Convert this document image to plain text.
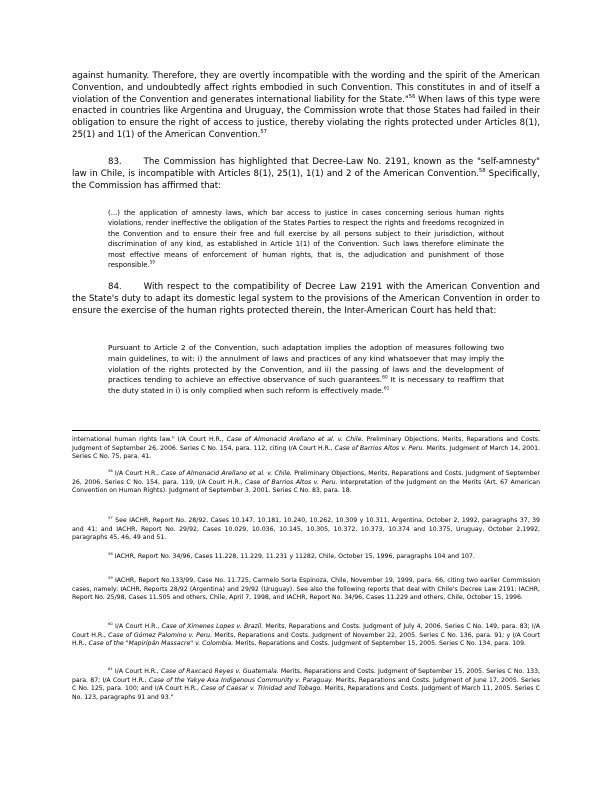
against humanity. Therefore, they are overtly incompatible with the wording and the spirit of the American Convention, and undoubtedly affect rights embodied in such Convention. This constitutes in and of itself a violation of the Convention and generates international liability for the State."$^{56}$ When laws of this type were enacted in countries like Argentina and Uruguay, the Commission wrote that those States had failed in their obligation to ensure the right of access to justice, thereby violating the rights protected under Articles 8(1), 25(1) and 1(1) of the American Convention.$^{57}$

83.	The Commission has highlighted that Decree-Law No. 2191, known as the "self-amnesty" law in Chile, is incompatible with Articles 8(1), 25(1), 1(1) and 2 of the American Convention.$^{58}$ Specifically, the Commission has affirmed that:

(...) the application of amnesty laws, which bar access to justice in cases concerning serious human rights violations, render ineffective the obligation of the States Parties to respect the rights and freedoms recognized in the Convention and to ensure their free and full exercise by all persons subject to their jurisdiction, without discrimination of any kind, as established in Article 1(1) of the Convention. Such laws therefore eliminate the most effective means of enforcement of human rights, that is, the adjudication and punishment of those responsible.$^{59}$

84.	With respect to the compatibility of Decree Law 2191 with the American Convention and the State's duty to adapt its domestic legal system to the provisions of the American Convention in order to ensure the exercise of the human rights protected therein, the Inter-American Court has held that:

Pursuant to Article 2 of the Convention, such adaptation implies the adoption of measures following two main guidelines, to wit: i) the annulment of laws and practices of any kind whatsoever that may imply the violation of the rights protected by the Convention, and ii) the passing of laws and the development of practices tending to achieve an effective observance of such guarantees.$^{60}$ It is necessary to reaffirm that the duty stated in i) is only complied when such reform is effectively made.$^{61}$

international human rights law." I/A Court H.R., Case of Almonacid Arellano et al. v. Chile. Preliminary Objections, Merits, Reparations and Costs. Judgment of September 26, 2006. Series C No. 154, para. 112, citing I/A Court H.R., Case of Barrios Altos v. Peru. Merits. Judgment of March 14, 2001. Series C No. 75, para. 41.

$^{56}$ I/A Court H.R., Case of Almonacid Arellano et al. v. Chile. Preliminary Objections, Merits, Reparations and Costs. Judgment of September 26, 2006. Series C No. 154, para. 119, I/A Court H.R., Case of Barrios Altos v. Peru. Interpretation of the Judgment on the Merits (Art. 67 American Convention on Human Rights). Judgment of September 3, 2001. Series C No. 83, para. 18.

$^{57}$ See IACHR, Report No. 28/92, Cases 10.147, 10.181, 10.240, 10.262, 10.309 y 10.311, Argentina, October 2, 1992, paragraphs 37, 39 and 41; and IACHR, Report No. 29/92, Cases 10.029, 10.036, 10.145, 10.305, 10.372, 10.373, 10.374 and 10.375, Uruguay, October 2,1992, paragraphs 45, 46, 49 and 51.

$^{58}$ IACHR, Report No. 34/96, Cases 11.228, 11.229, 11.231 y 11282, Chile, October 15, 1996, paragraphs 104 and 107.

$^{59}$ IACHR, Report No.133/99, Case No. 11.725, Carmelo Soria Espinoza, Chile, November 19, 1999, para. 66, citing two earlier Commission cases, namely: IACHR, Reports 28/92 (Argentina) and 29/92 (Uruguay). See also the following reports that deal with Chile's Decree Law 2191: IACHR, Report No. 25/98, Cases 11.505 and others, Chile, April 7, 1998, and IACHR, Report No. 34/96, Cases 11.229 and others, Chile, October 15, 1996.

$^{60}$ I/A Court H.R., Case of Ximenes Lopes v. Brazil. Merits, Reparations and Costs. Judgment of July 4, 2006. Series C No. 149, para. 83; I/A Court H.R., Case of Gómez Palomino v. Peru. Merits, Reparations and Costs. Judgment of November 22, 2005. Series C No. 136, para. 91; y I/A Court H.R., Case of the "Mapiripán Massacre" v. Colombia. Merits, Reparations and Costs. Judgment of September 15, 2005. Series C No. 134, para. 109.

$^{61}$ I/A Court H.R., Case of Raxcacó Reyes v. Guatemala. Merits, Reparations and Costs. Judgment of September 15, 2005. Series C No. 133, para. 87; I/A Court H.R., Case of the Yakye Axa Indigenous Community v. Paraguay. Merits, Reparations and Costs. Judgment of June 17, 2005. Series C No. 125, para. 100; and I/A Court H.R., Case of Caesar v. Trinidad and Tobago. Merits, Reparations and Costs. Judgment of March 11, 2005. Series C No. 123, paragraphs 91 and 93."
